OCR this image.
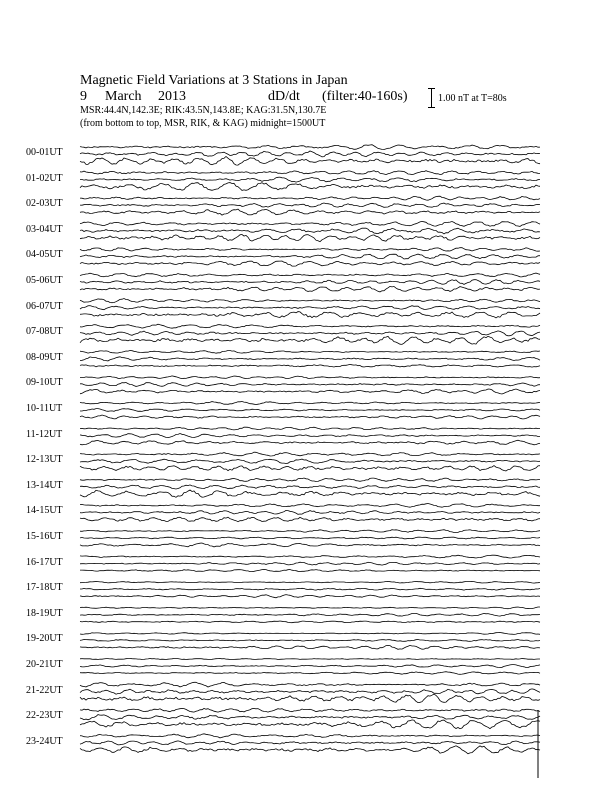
Magnetic Field Variations at 3 Stations in Japan
9 March 2013	dD/dt (filter:40-160s)
MSR:44.4N,142.3E; RIK:43.5N,143.8E; KAG:31.5N,130.7E
(from bottom to top, MSR, RIK, & KAG) midnight=1500UT
1.00 nT at T=80s
00-01UT
01-02UT
02-03UT
03-04UT
04-05UT
05-06UT
06-07UT
07-08UT
08-09UT
09-10UT
10-11UT
11-12UT
12-13UT
13-14UT
14-15UT
15-16UT
16-17UT
17-18UT
18-19UT
19-20UT
20-21UT
21-22UT
22-23UT
23-24UT
